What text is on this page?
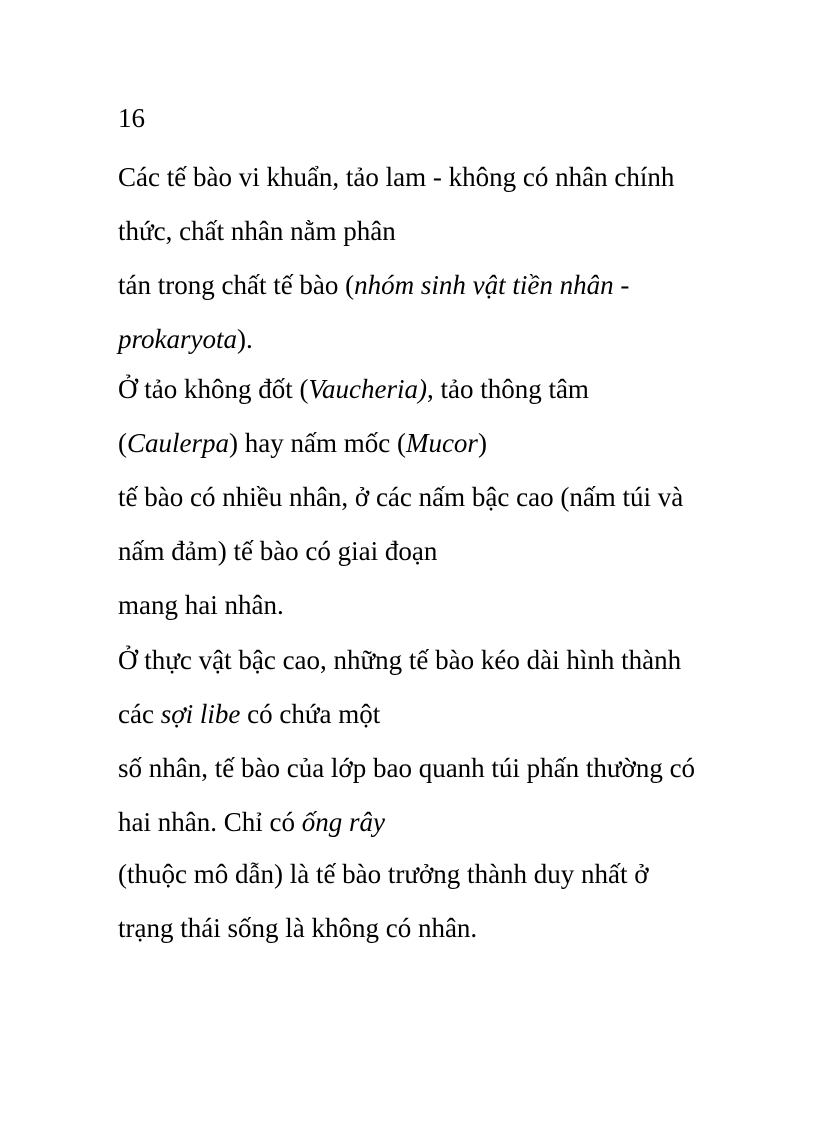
16
Các tế bào vi khuẩn, tảo lam - không có nhân chính
thức, chất nhân nằm phân
tán trong chất tế bào (nhóm sinh vật tiền nhân -
prokaryota).
Ở tảo không đốt (Vaucheria), tảo thông tâm
(Caulerpa) hay nấm mốc (Mucor)
tế bào có nhiều nhân, ở các nấm bậc cao (nấm túi và
nấm đảm) tế bào có giai đoạn
mang hai nhân.
Ở thực vật bậc cao, những tế bào kéo dài hình thành
các sợi libe có chứa một
số nhân, tế bào của lớp bao quanh túi phấn thường có
hai nhân. Chỉ có ống rây
(thuộc mô dẫn) là tế bào trưởng thành duy nhất ở
trạng thái sống là không có nhân.
